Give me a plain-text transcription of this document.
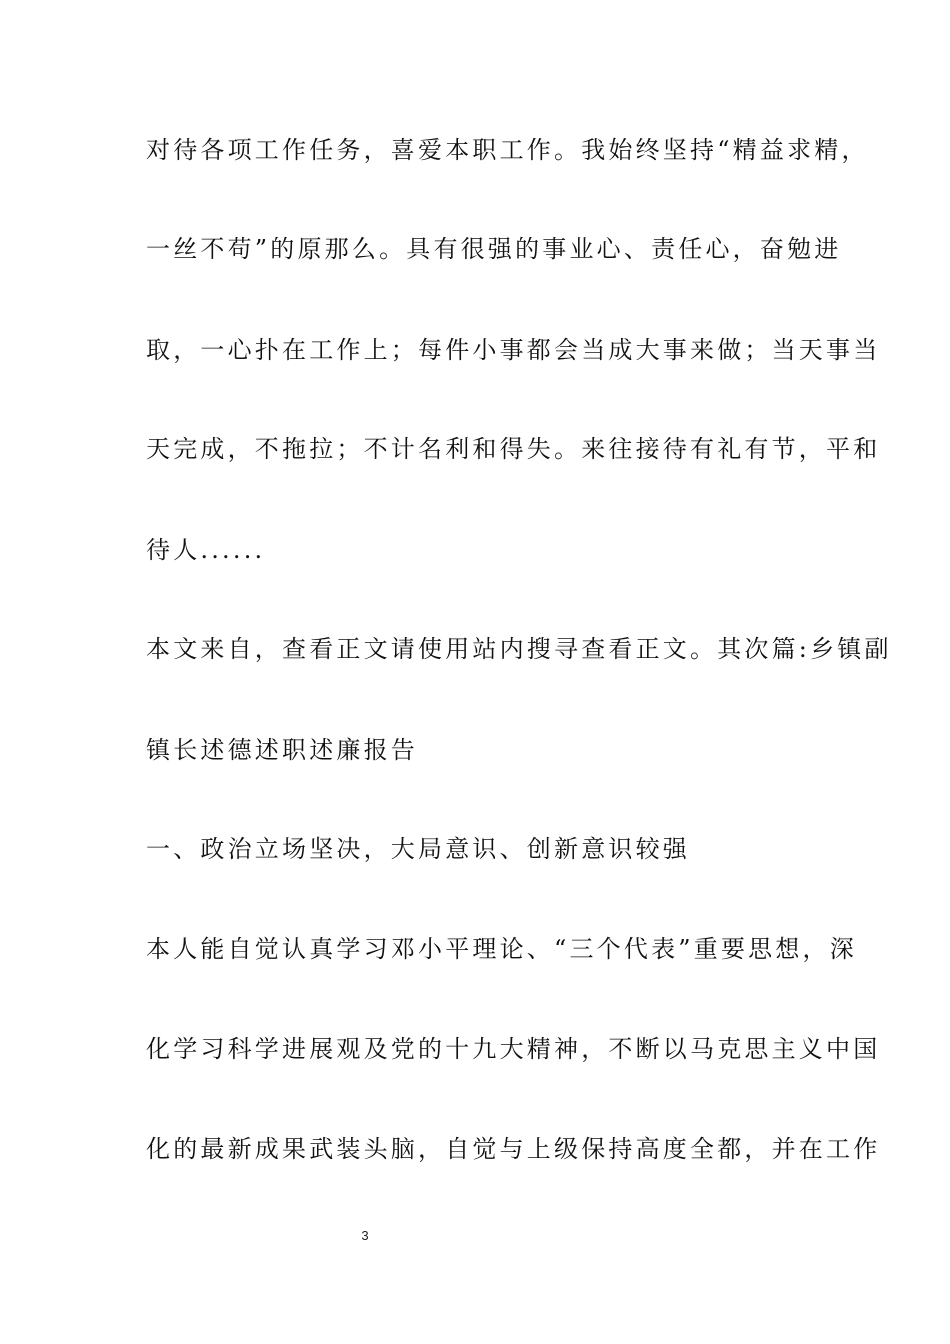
对待各项工作任务，喜爱本职工作。我始终坚持“精益求精，
一丝不苟”的原那么。具有很强的事业心、责任心，奋勉进
取，一心扑在工作上；每件小事都会当成大事来做；当天事当
天完成，不拖拉；不计名利和得失。来往接待有礼有节，平和
待人......
本文来自，查看正文请使用站内搜寻查看正文。其次篇:乡镇副
镇长述德述职述廉报告
一、政治立场坚决，大局意识、创新意识较强
本人能自觉认真学习邓小平理论、“三个代表”重要思想，深
化学习科学进展观及党的十九大精神，不断以马克思主义中国
化的最新成果武装头脑，自觉与上级保持高度全都，并在工作
3
